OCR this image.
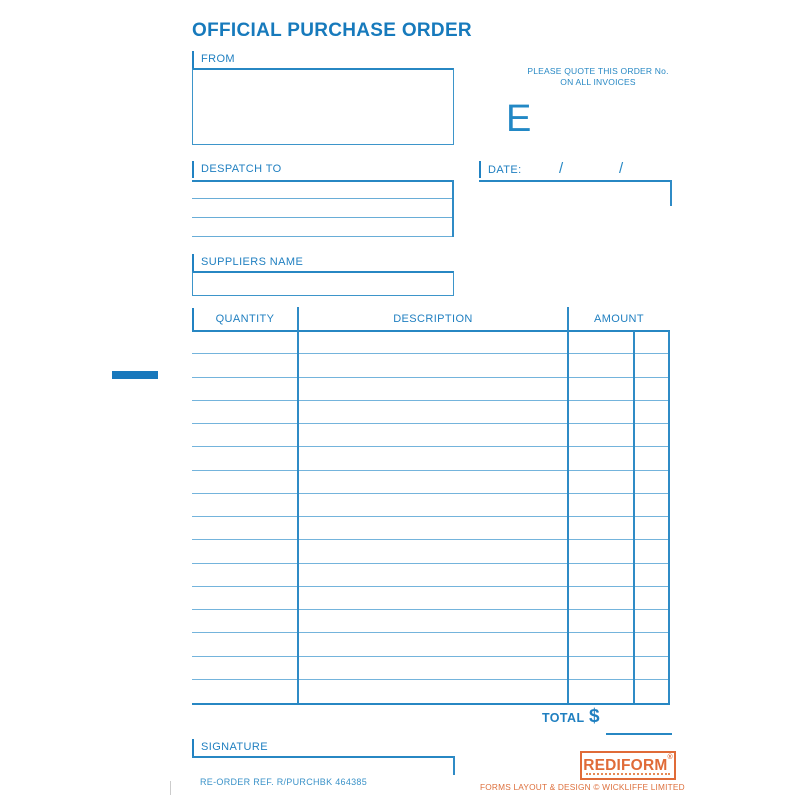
OFFICIAL PURCHASE ORDER
FROM
PLEASE QUOTE THIS ORDER No.
ON ALL INVOICES
E
DESPATCH TO	DATE: /	/
SUPPLIERS NAME
QUANTITY	DESCRIPTION	AMOUNT
TOTAL $
SIGNATURE
RE-ORDER REF. R/PURCHBK 464385
REDIFORM®
FORMS LAYOUT & DESIGN © WICKLIFFE LIMITED
